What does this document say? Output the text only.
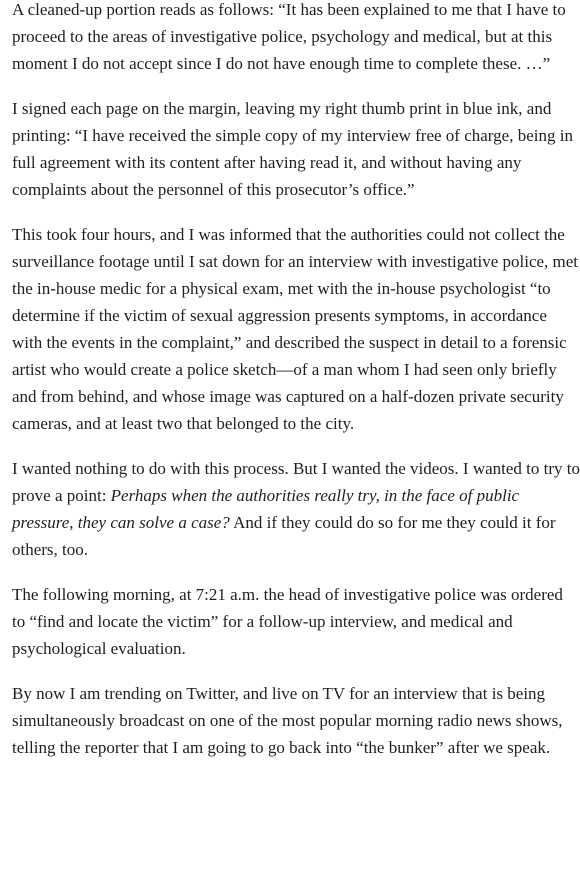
A cleaned-up portion reads as follows: “It has been explained to me that I have to proceed to the areas of investigative police, psychology and medical, but at this moment I do not accept since I do not have enough time to complete these. …”

I signed each page on the margin, leaving my right thumb print in blue ink, and printing: “I have received the simple copy of my interview free of charge, being in full agreement with its content after having read it, and without having any complaints about the personnel of this prosecutor’s office.”

This took four hours, and I was informed that the authorities could not collect the surveillance footage until I sat down for an interview with investigative police, met the in-house medic for a physical exam, met with the in-house psychologist “to determine if the victim of sexual aggression presents symptoms, in accordance with the events in the complaint,” and described the suspect in detail to a forensic artist who would create a police sketch—of a man whom I had seen only briefly and from behind, and whose image was captured on a half-dozen private security cameras, and at least two that belonged to the city.

I wanted nothing to do with this process. But I wanted the videos. I wanted to try to prove a point: Perhaps when the authorities really try, in the face of public pressure, they can solve a case? And if they could do so for me they could it for others, too.

The following morning, at 7:21 a.m. the head of investigative police was ordered to “find and locate the victim” for a follow-up interview, and medical and psychological evaluation.

By now I am trending on Twitter, and live on TV for an interview that is being simultaneously broadcast on one of the most popular morning radio news shows, telling the reporter that I am going to go back into “the bunker” after we speak.
